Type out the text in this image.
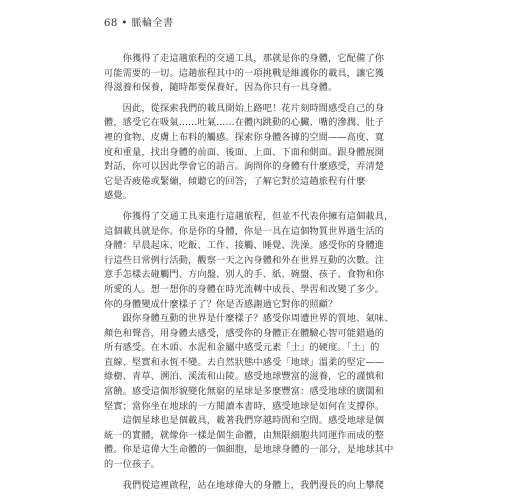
68 • 脈輪全書
　　你獲得了走這趟旅程的交通工具，那就是你的身體，它配備了你
可能需要的一切。這趟旅程其中的一項挑戰是維護你的載具，讓它獲
得滋養和保養，隨時都要保養好，因為你只有一具身體。
　　因此，從探索我們的載具開始上路吧！花片刻時間感受自己的身
體，感受它在吸氣……吐氣……在體內跳動的心臟、嘴的滲潤、肚子
裡的食物、皮膚上布料的觸感。探索你身體各據的空間——高度、寬
度和重量，找出身體的前面、後面、上面、下面和側面。跟身體展開
對話，你可以因此學會它的語言。詢問你的身體有什麼感受，弄清楚
它是否疲倦或緊繃，傾聽它的回答，了解它對於這趟旅程有什麼
感覺。
　　你獲得了交通工具來進行這趟旅程，但並不代表你擁有這個載具，
這個載具就是你。你是你的身體，你是一具在這個物質世界過生活的
身體：早晨起床、吃飯、工作、接觸、睡覺、洗澡。感受你的身體進
行這些日常例行活動，觀察一天之內身體和外在世界互動的次數。注
意手怎樣去碰觸門、方向盤、別人的手、紙、碗盤、孩子、食物和你
所愛的人。想一想你的身體在時光流轉中成長、學習和改變了多少。
你的身體變成什麼樣子了？你是否感謝過它對你的照顧？
　　跟你身體互動的世界是什麼樣子？感受你周遭世界的質地、氣味、
顏色和聲音，用身體去感受，感受你的身體正在體驗心智可能錯過的
所有感受。在木頭、水泥和金屬中感受元素「土」的硬度。「土」的
直線、堅實和永恆不變。去自然狀態中感受「地球」溫柔的堅定——
綠樹、青草、溯泊、溪流和山陵。感受地球豐富的滋養，它的謹慎和
富饒。感受這個形貌變化無窮的星球是多麼豐富：感受地球的廣闊和
堅實；當你坐在地球的一方閱讀本書時，感受地球是如何在支撐你。
　　這個星球也是個載具，載著我們穿越時間和空間。感受地球是個
統一的實體，就像你一樣是個生命體，由無限細胞共同運作而成的整
體。你是這偉大生命體的一個細胞，是地球身體的一部分，是地球其中
的一位孩子。
　　我們從這裡啟程，站在地球偉大的身體上，我們漫長的向上攀爬
